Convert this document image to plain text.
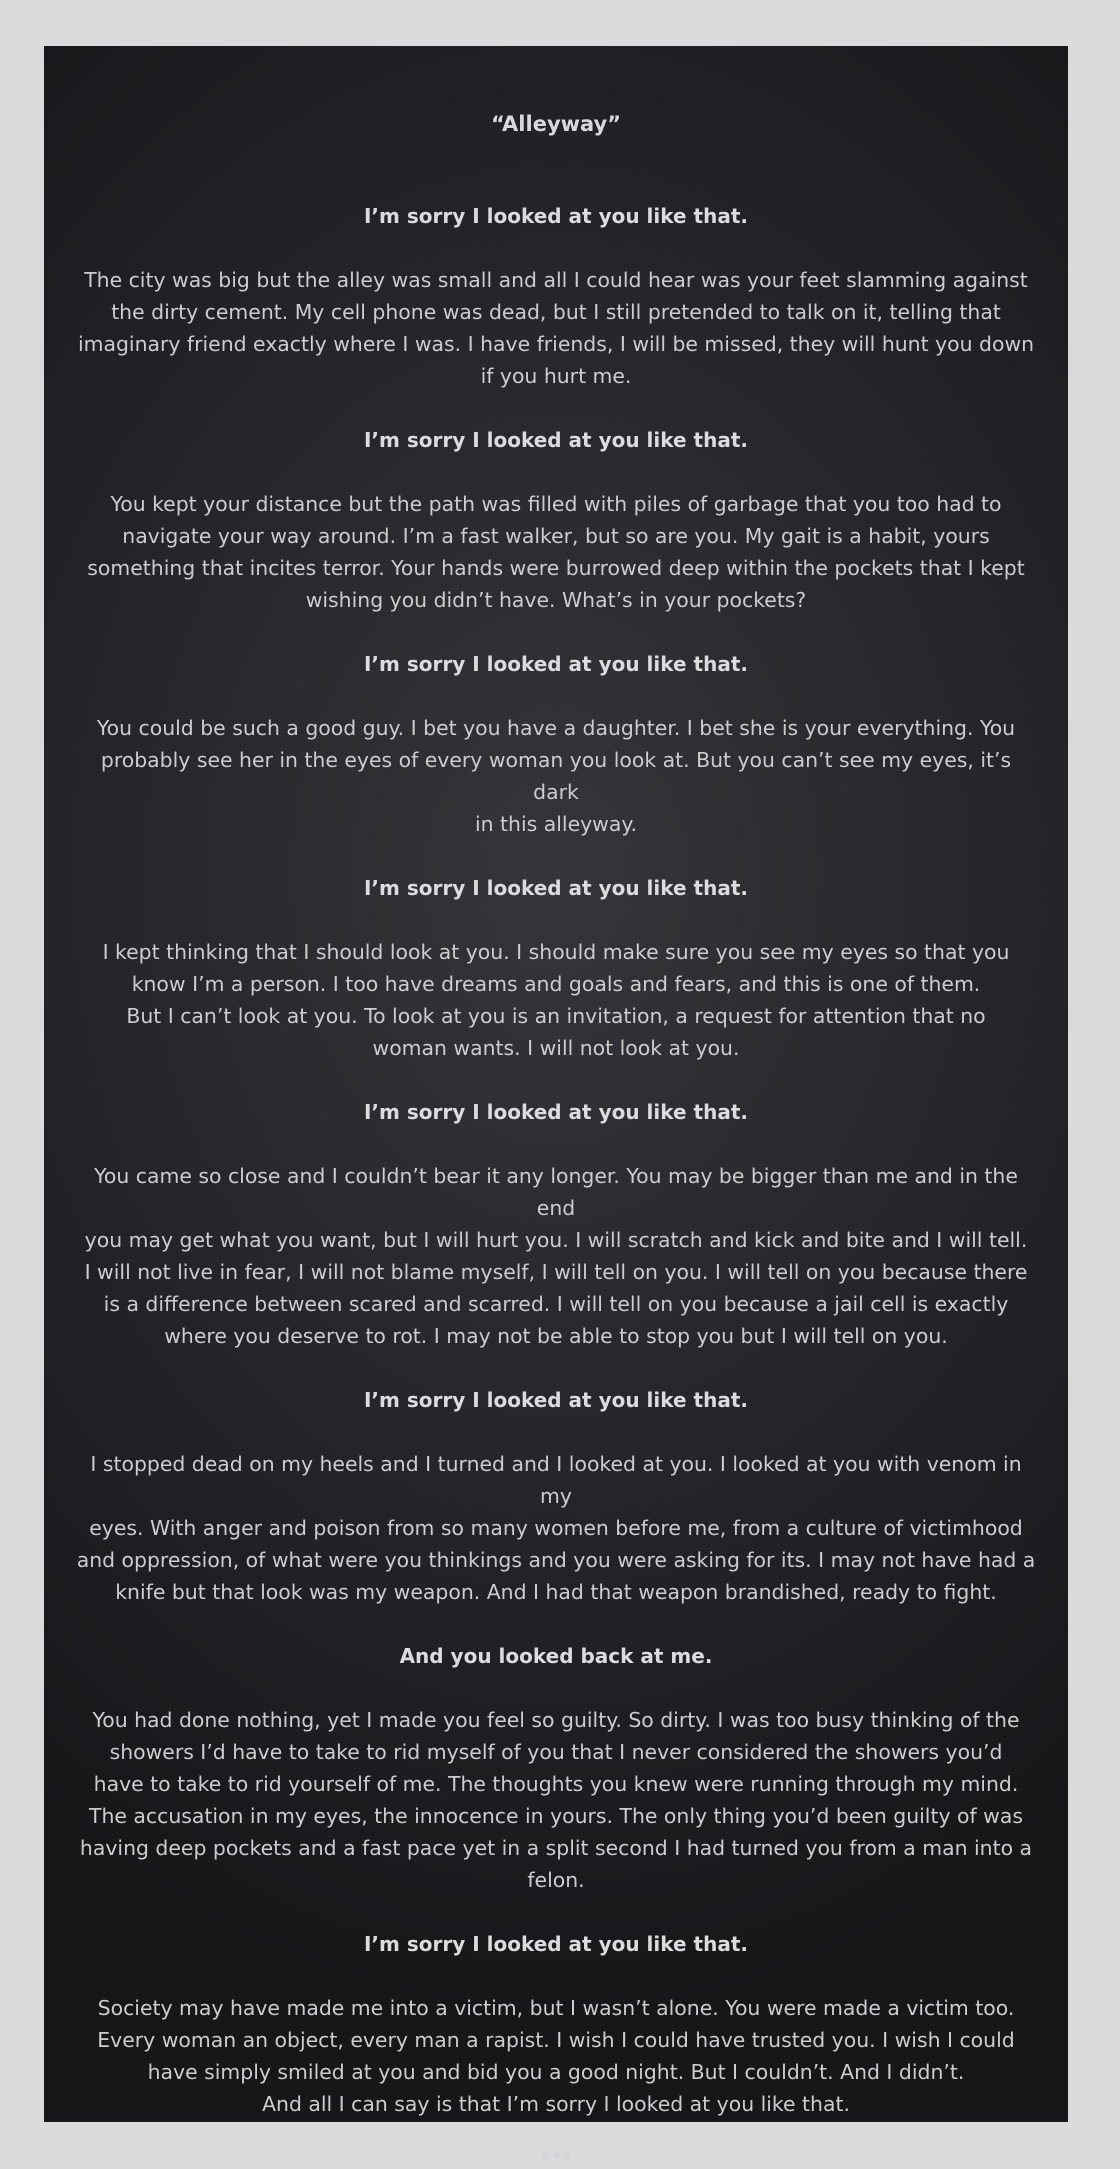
“Alleyway”
I’m sorry I looked at you like that.
The city was big but the alley was small and all I could hear was your feet slamming against
the dirty cement. My cell phone was dead, but I still pretended to talk on it, telling that
imaginary friend exactly where I was. I have friends, I will be missed, they will hunt you down
if you hurt me.
I’m sorry I looked at you like that.
You kept your distance but the path was filled with piles of garbage that you too had to
navigate your way around. I’m a fast walker, but so are you. My gait is a habit, yours
something that incites terror. Your hands were burrowed deep within the pockets that I kept
wishing you didn’t have. What’s in your pockets?
I’m sorry I looked at you like that.
You could be such a good guy. I bet you have a daughter. I bet she is your everything. You
probably see her in the eyes of every woman you look at. But you can’t see my eyes, it’s dark
in this alleyway.
I’m sorry I looked at you like that.
I kept thinking that I should look at you. I should make sure you see my eyes so that you
know I’m a person. I too have dreams and goals and fears, and this is one of them.
But I can’t look at you. To look at you is an invitation, a request for attention that no
woman wants. I will not look at you.
I’m sorry I looked at you like that.
You came so close and I couldn’t bear it any longer. You may be bigger than me and in the end
you may get what you want, but I will hurt you. I will scratch and kick and bite and I will tell.
I will not live in fear, I will not blame myself, I will tell on you. I will tell on you because there
is a difference between scared and scarred. I will tell on you because a jail cell is exactly
where you deserve to rot. I may not be able to stop you but I will tell on you.
I’m sorry I looked at you like that.
I stopped dead on my heels and I turned and I looked at you. I looked at you with venom in my
eyes. With anger and poison from so many women before me, from a culture of victimhood
and oppression, of what were you thinkings and you were asking for its. I may not have had a
knife but that look was my weapon. And I had that weapon brandished, ready to fight.
And you looked back at me.
You had done nothing, yet I made you feel so guilty. So dirty. I was too busy thinking of the
showers I’d have to take to rid myself of you that I never considered the showers you’d
have to take to rid yourself of me. The thoughts you knew were running through my mind.
The accusation in my eyes, the innocence in yours. The only thing you’d been guilty of was
having deep pockets and a fast pace yet in a split second I had turned you from a man into a felon.
I’m sorry I looked at you like that.
Society may have made me into a victim, but I wasn’t alone. You were made a victim too.
Every woman an object, every man a rapist. I wish I could have trusted you. I wish I could
have simply smiled at you and bid you a good night. But I couldn’t. And I didn’t.
And all I can say is that I’m sorry I looked at you like that.
